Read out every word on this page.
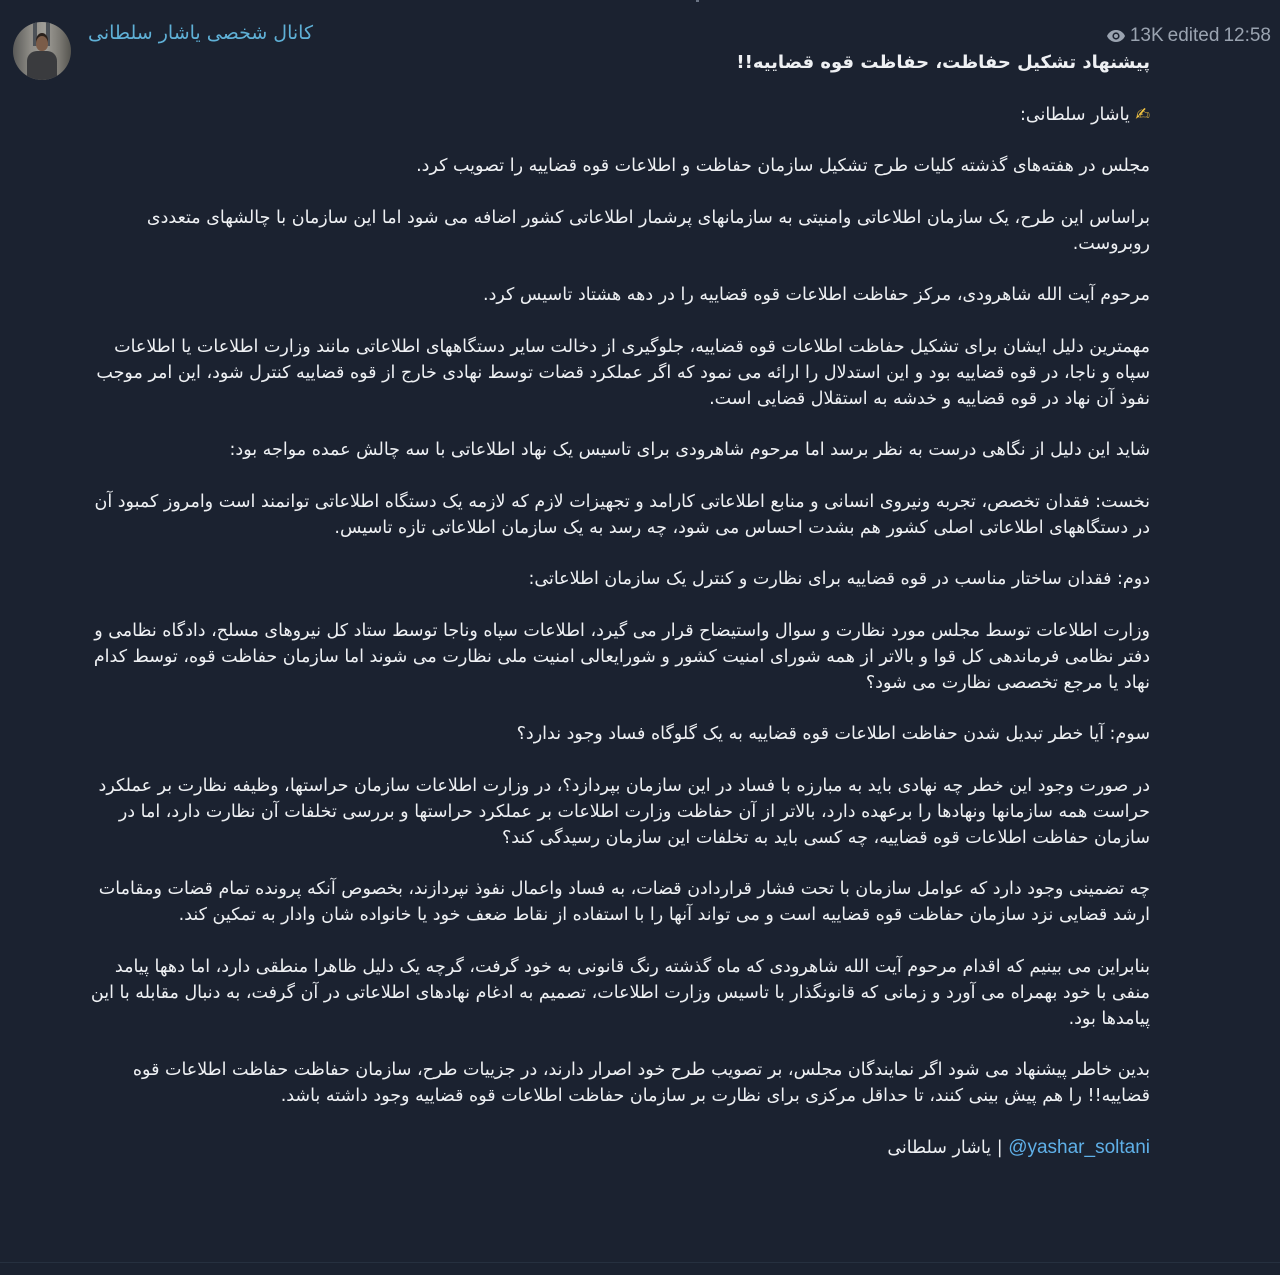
کانال شخصی یاشار سلطانی	13K edited 12:58

پیشنهاد تشکیل حفاظت، حفاظت قوه قضاییه!!

✍ یاشار سلطانی:

مجلس در هفته‌های گذشته کلیات طرح تشکیل سازمان حفاظت و اطلاعات قوه قضاییه را تصویب کرد.

براساس این طرح، یک سازمان اطلاعاتی وامنیتی به سازمانهای پرشمار اطلاعاتی کشور اضافه می شود اما این سازمان با چالشهای متعددی روبروست.

مرحوم آیت الله شاهرودی، مرکز حفاظت اطلاعات قوه قضاییه را در دهه هشتاد تاسیس کرد.

مهمترین دلیل ایشان برای تشکیل حفاظت اطلاعات قوه قضاییه، جلوگیری از دخالت سایر دستگاههای اطلاعاتی مانند وزارت اطلاعات یا اطلاعات سپاه و ناجا، در قوه قضاییه بود و این استدلال را ارائه می نمود که اگر عملکرد قضات توسط نهادی خارج از قوه قضاییه کنترل شود، این امر موجب نفوذ آن نهاد در قوه قضاییه و خدشه به استقلال قضایی است.

شاید این دلیل از نگاهی درست به نظر برسد اما مرحوم شاهرودی برای تاسیس یک نهاد اطلاعاتی با سه چالش عمده مواجه بود:

نخست: فقدان تخصص، تجربه ونیروی انسانی و منابع اطلاعاتی کارامد و تجهیزات لازم که لازمه یک دستگاه اطلاعاتی توانمند است وامروز کمبود آن در دستگاههای اطلاعاتی اصلی کشور هم بشدت احساس می شود، چه رسد به یک سازمان اطلاعاتی تازه تاسیس.

دوم: فقدان ساختار مناسب در قوه قضاییه برای نظارت و کنترل یک سازمان اطلاعاتی:

وزارت اطلاعات توسط مجلس مورد نظارت و سوال واستیضاح قرار می گیرد، اطلاعات سپاه وناجا توسط ستاد کل نیروهای مسلح، دادگاه نظامی و دفتر نظامی فرماندهی کل قوا و بالاتر از همه شورای امنیت کشور و شورایعالی امنیت ملی نظارت می شوند اما سازمان حفاظت قوه، توسط کدام نهاد یا مرجع تخصصی نظارت می شود؟

سوم: آیا خطر تبدیل شدن حفاظت اطلاعات قوه قضاییه به یک گلوگاه فساد وجود ندارد؟

در صورت وجود این خطر چه نهادی باید به مبارزه با فساد در این سازمان بپردازد؟، در وزارت اطلاعات سازمان حراستها، وظیفه نظارت بر عملکرد حراست همه سازمانها ونهادها را برعهده دارد، بالاتر از آن حفاظت وزارت اطلاعات بر عملکرد حراستها و بررسی تخلفات آن نظارت دارد، اما در سازمان حفاظت اطلاعات قوه قضاییه، چه کسی باید به تخلفات این سازمان رسیدگی کند؟

چه تضمینی وجود دارد که عوامل سازمان با تحت فشار قراردادن قضات، به فساد واعمال نفوذ نپردازند، بخصوص آنکه پرونده تمام قضات ومقامات ارشد قضایی نزد سازمان حفاظت قوه قضاییه است و می تواند آنها را با استفاده از نقاط ضعف خود یا خانواده شان وادار به تمکین کند.

بنابراین می بینیم که اقدام مرحوم آیت الله شاهرودی که ماه گذشته رنگ قانونی به خود گرفت، گرچه یک دلیل ظاهرا منطقی دارد، اما دهها پیامد منفی با خود بهمراه می آورد و زمانی که قانونگذار با تاسیس وزارت اطلاعات، تصمیم به ادغام نهادهای اطلاعاتی در آن گرفت، به دنبال مقابله با این پیامدها بود.

بدین خاطر پیشنهاد می شود اگر نمایندگان مجلس، بر تصویب طرح خود اصرار دارند، در جزییات طرح، سازمان حفاظت حفاظت اطلاعات قوه قضاییه!! را هم پیش بینی کنند، تا حداقل مرکزی برای نظارت بر سازمان حفاظت اطلاعات قوه قضاییه وجود داشته باشد.

@yashar_soltani | یاشار سلطانی
